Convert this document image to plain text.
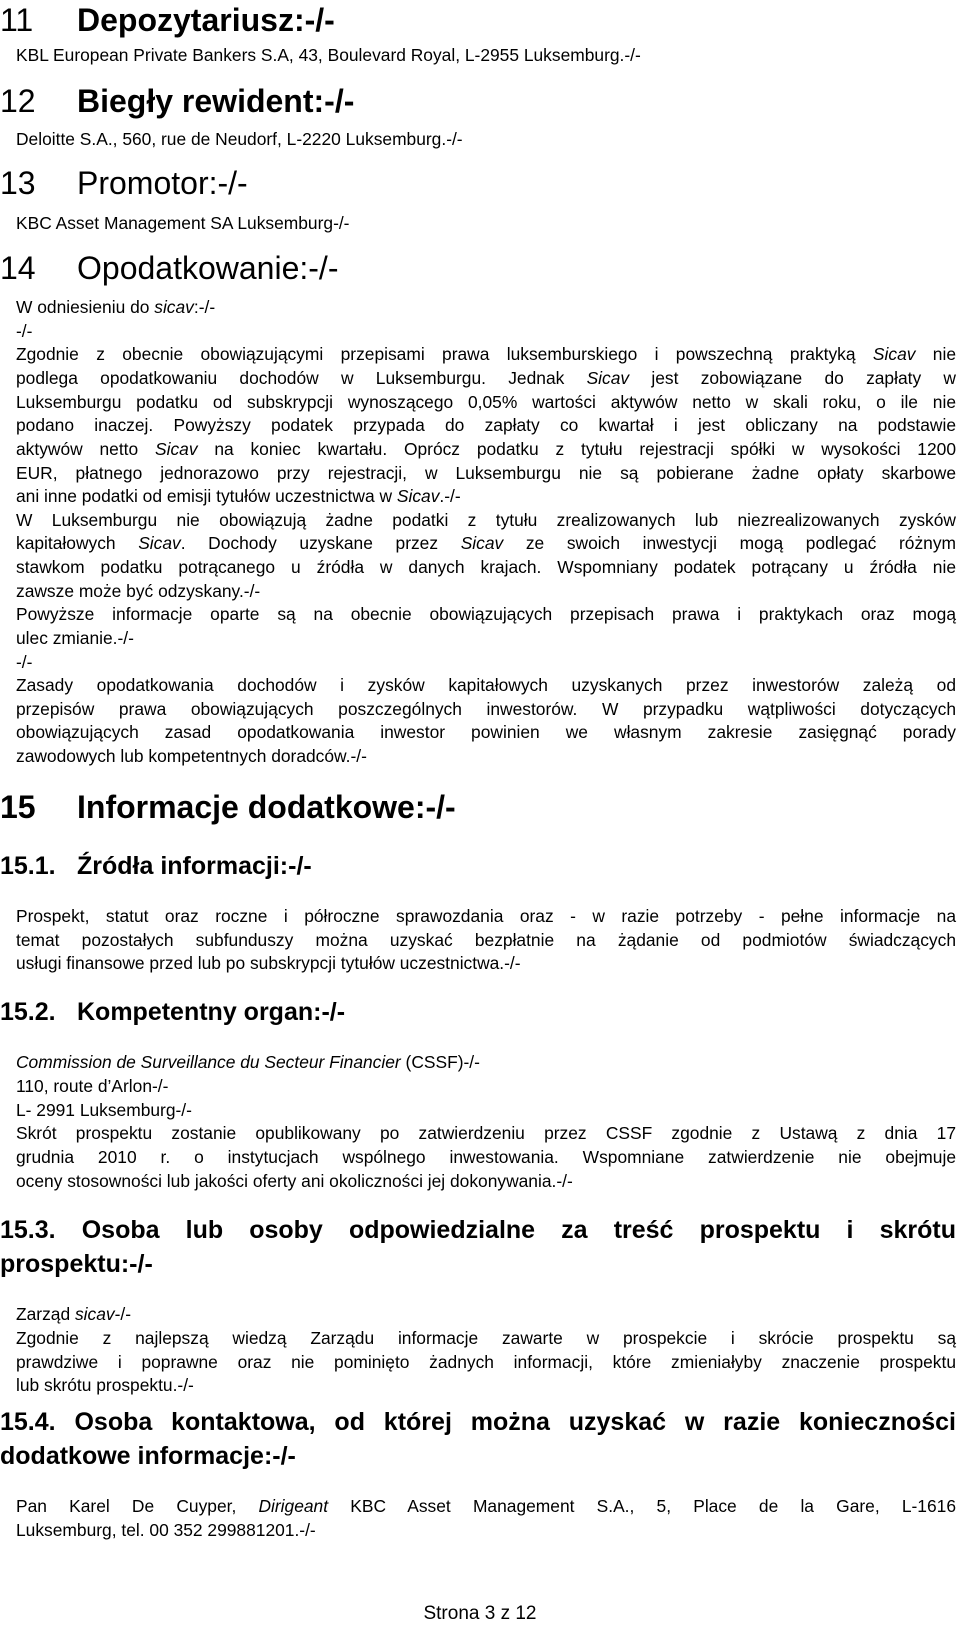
11 Depozytariusz:-/-
KBL European Private Bankers S.A, 43, Boulevard Royal, L-2955 Luksemburg.-/-
12 Biegły rewident:-/-
Deloitte S.A., 560, rue de Neudorf, L-2220 Luksemburg.-/-
13 Promotor:-/-
KBC Asset Management SA Luksemburg-/-
14 Opodatkowanie:-/-
W odniesieniu do sicav:-/-
-/-
Zgodnie z obecnie obowiązującymi przepisami prawa luksemburskiego i powszechną praktyką Sicav nie
podlega opodatkowaniu dochodów w Luksemburgu. Jednak Sicav jest zobowiązane do zapłaty w
Luksemburgu podatku od subskrypcji wynoszącego 0,05% wartości aktywów netto w skali roku, o ile nie
podano inaczej. Powyższy podatek przypada do zapłaty co kwartał i jest obliczany na podstawie
aktywów netto Sicav na koniec kwartału. Oprócz podatku z tytułu rejestracji spółki w wysokości 1200
EUR, płatnego jednorazowo przy rejestracji, w Luksemburgu nie są pobierane żadne opłaty skarbowe
ani inne podatki od emisji tytułów uczestnictwa w Sicav.-/-
W Luksemburgu nie obowiązują żadne podatki z tytułu zrealizowanych lub niezrealizowanych zysków
kapitałowych Sicav. Dochody uzyskane przez Sicav ze swoich inwestycji mogą podlegać różnym
stawkom podatku potrącanego u źródła w danych krajach. Wspomniany podatek potrącany u źródła nie
zawsze może być odzyskany.-/-
Powyższe informacje oparte są na obecnie obowiązujących przepisach prawa i praktykach oraz mogą
ulec zmianie.-/-
-/-
Zasady opodatkowania dochodów i zysków kapitałowych uzyskanych przez inwestorów zależą od
przepisów prawa obowiązujących poszczególnych inwestorów. W przypadku wątpliwości dotyczących
obowiązujących zasad opodatkowania inwestor powinien we własnym zakresie zasięgnąć porady
zawodowych lub kompetentnych doradców.-/-
15 Informacje dodatkowe:-/-
15.1. Źródła informacji:-/-
Prospekt, statut oraz roczne i półroczne sprawozdania oraz - w razie potrzeby - pełne informacje na
temat pozostałych subfunduszy można uzyskać bezpłatnie na żądanie od podmiotów świadczących
usługi finansowe przed lub po subskrypcji tytułów uczestnictwa.-/-
15.2. Kompetentny organ:-/-
Commission de Surveillance du Secteur Financier (CSSF)-/-
110, route d’Arlon-/-
L- 2991 Luksemburg-/-
Skrót prospektu zostanie opublikowany po zatwierdzeniu przez CSSF zgodnie z Ustawą z dnia 17
grudnia 2010 r. o instytucjach wspólnego inwestowania. Wspomniane zatwierdzenie nie obejmuje
oceny stosowności lub jakości oferty ani okoliczności jej dokonywania.-/-
15.3. Osoba lub osoby odpowiedzialne za treść prospektu i skrótu
prospektu:-/-
Zarząd sicav-/-
Zgodnie z najlepszą wiedzą Zarządu informacje zawarte w prospekcie i skrócie prospektu są
prawdziwe i poprawne oraz nie pominięto żadnych informacji, które zmieniałyby znaczenie prospektu
lub skrótu prospektu.-/-
15.4. Osoba kontaktowa, od której można uzyskać w razie konieczności
dodatkowe informacje:-/-
Pan Karel De Cuyper, Dirigeant KBC Asset Management S.A., 5, Place de la Gare, L-1616
Luksemburg, tel. 00 352 299881201.-/-
Strona 3 z 12
